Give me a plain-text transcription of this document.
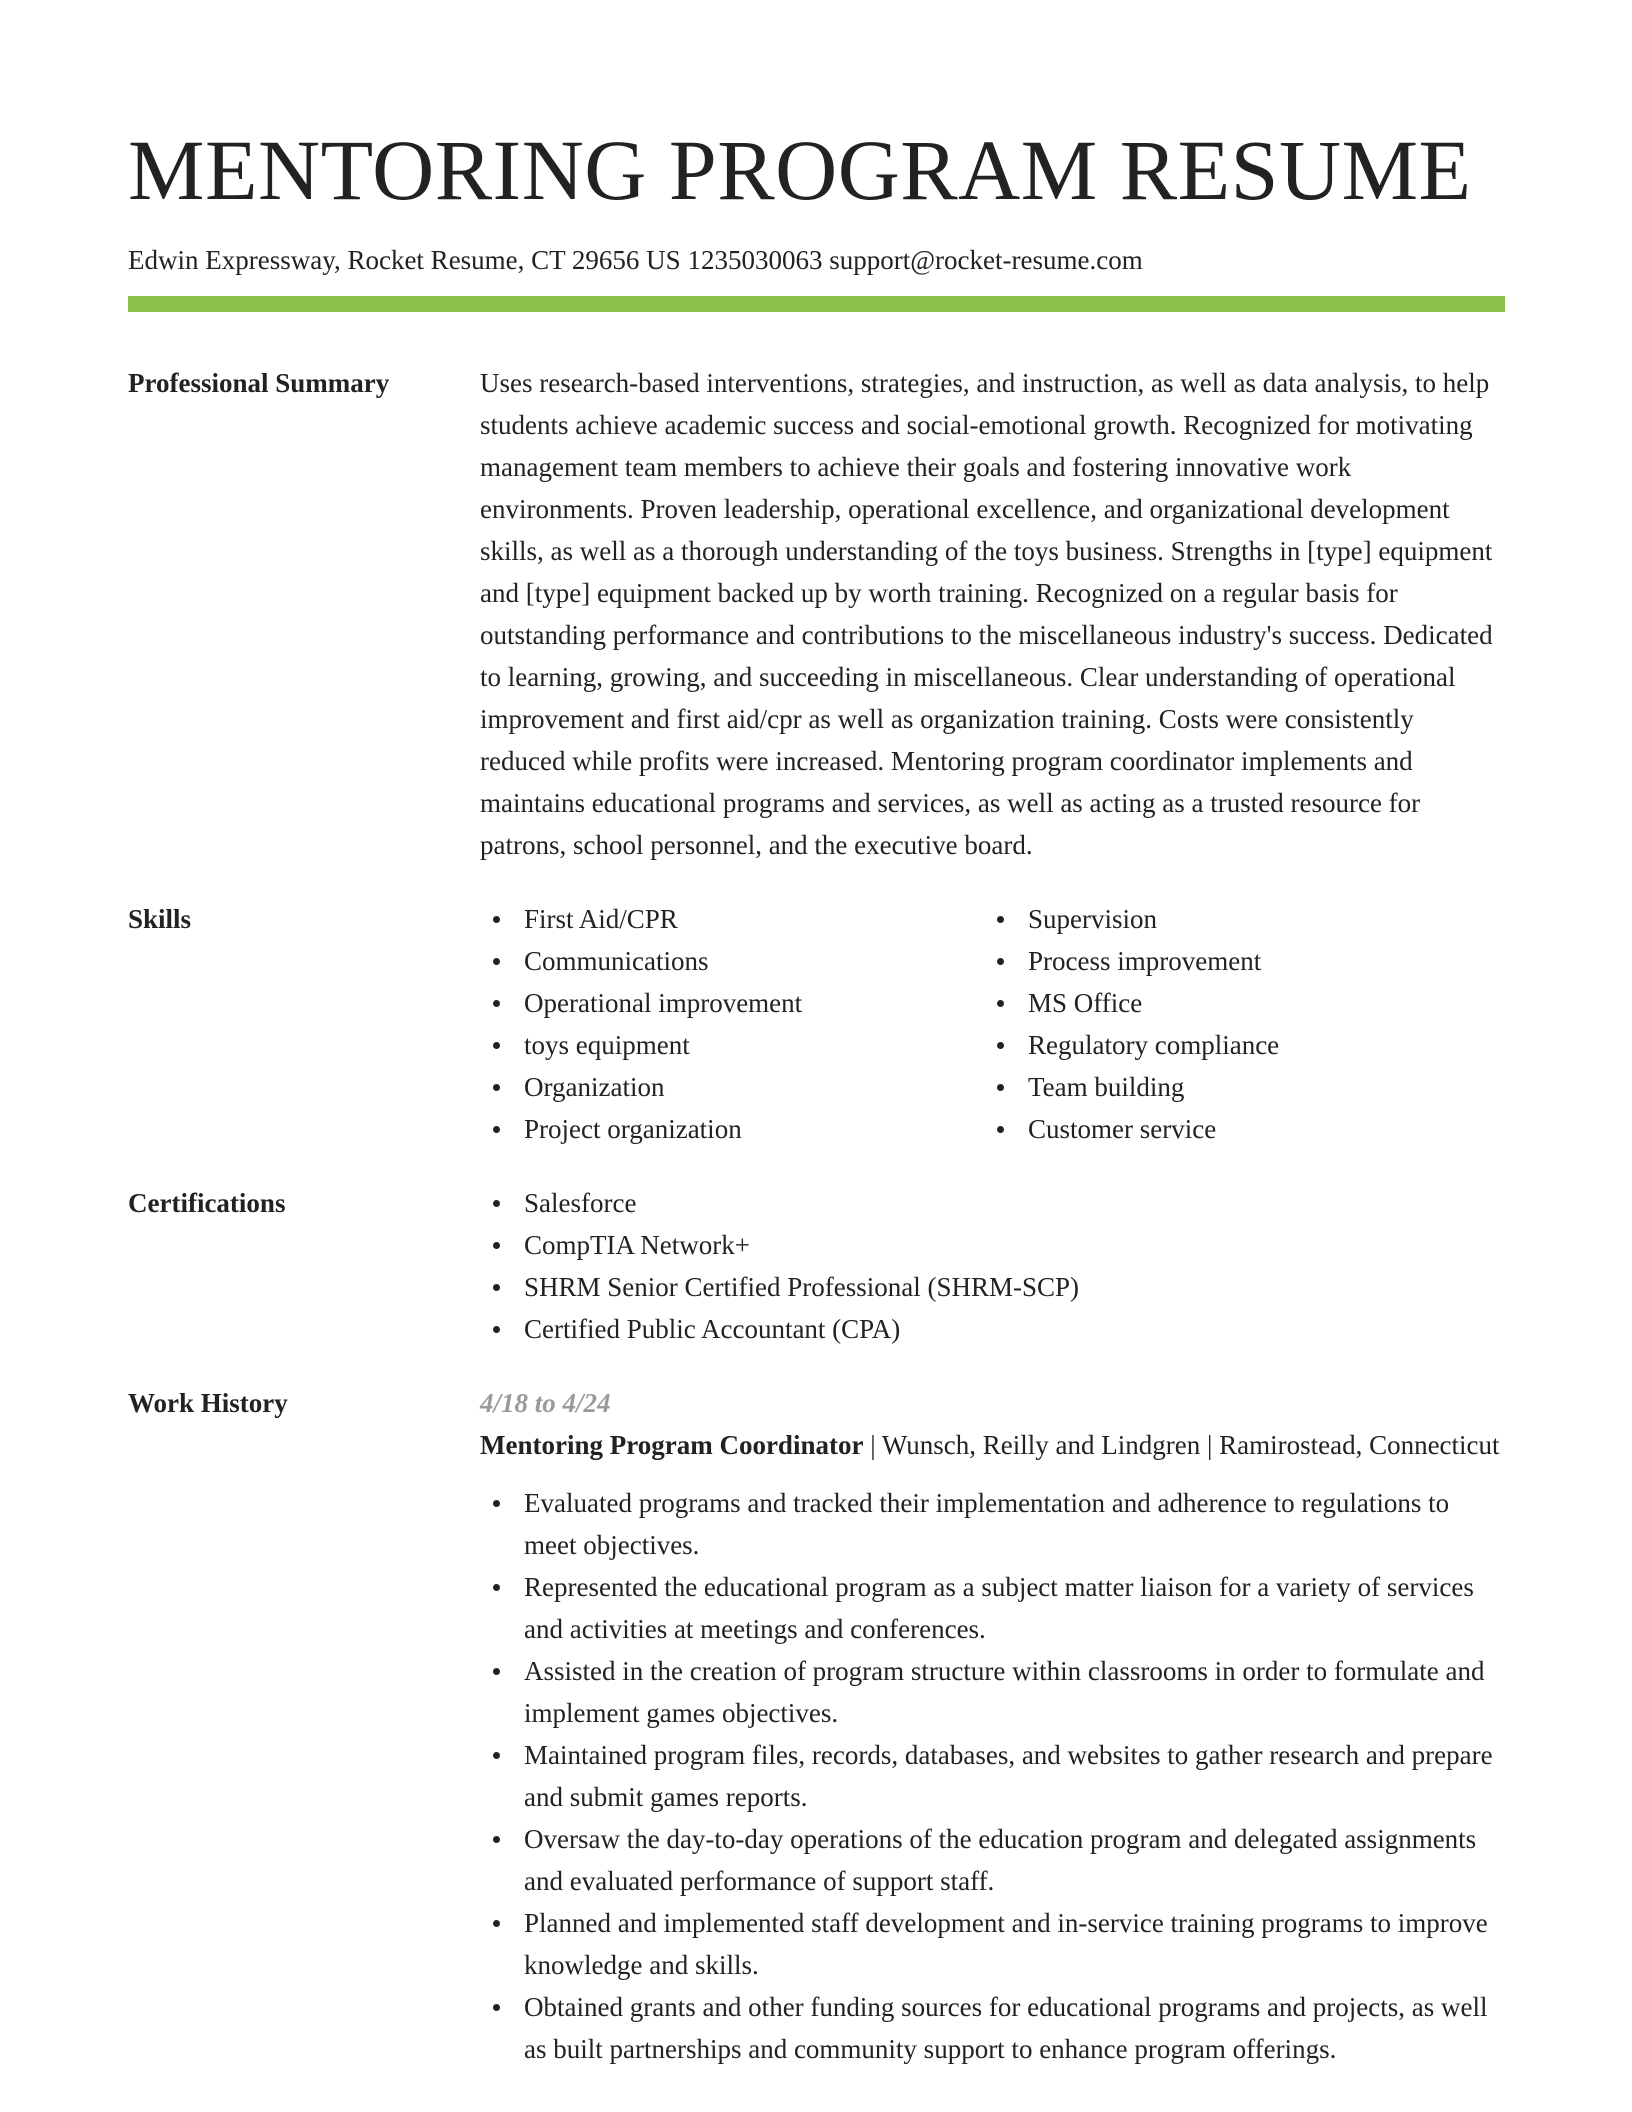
MENTORING PROGRAM RESUME
Edwin Expressway, Rocket Resume, CT 29656 US 1235030063 support@rocket-resume.com
Professional Summary	Uses research-based interventions, strategies, and instruction, as well as data analysis, to help students achieve academic success and social-emotional growth. Recognized for motivating management team members to achieve their goals and fostering innovative work environments. Proven leadership, operational excellence, and organizational development skills, as well as a thorough understanding of the toys business. Strengths in [type] equipment and [type] equipment backed up by worth training. Recognized on a regular basis for outstanding performance and contributions to the miscellaneous industry's success. Dedicated to learning, growing, and succeeding in miscellaneous. Clear understanding of operational improvement and first aid/cpr as well as organization training. Costs were consistently reduced while profits were increased. Mentoring program coordinator implements and maintains educational programs and services, as well as acting as a trusted resource for patrons, school personnel, and the executive board.

Skills	First Aid/CPR
Communications
Operational improvement
toys equipment
Organization
Project organization
Supervision
Process improvement
MS Office
Regulatory compliance
Team building
Customer service
Certifications	Salesforce
CompTIA Network+
SHRM Senior Certified Professional (SHRM-SCP)
Certified Public Accountant (CPA)
Work History	4/18 to 4/24
Mentoring Program Coordinator | Wunsch, Reilly and Lindgren | Ramirostead, Connecticut
Evaluated programs and tracked their implementation and adherence to regulations to meet objectives.
Represented the educational program as a subject matter liaison for a variety of services and activities at meetings and conferences.
Assisted in the creation of program structure within classrooms in order to formulate and implement games objectives.
Maintained program files, records, databases, and websites to gather research and prepare and submit games reports.
Oversaw the day-to-day operations of the education program and delegated assignments and evaluated performance of support staff.
Planned and implemented staff development and in-service training programs to improve knowledge and skills.
Obtained grants and other funding sources for educational programs and projects, as well as built partnerships and community support to enhance program offerings.
